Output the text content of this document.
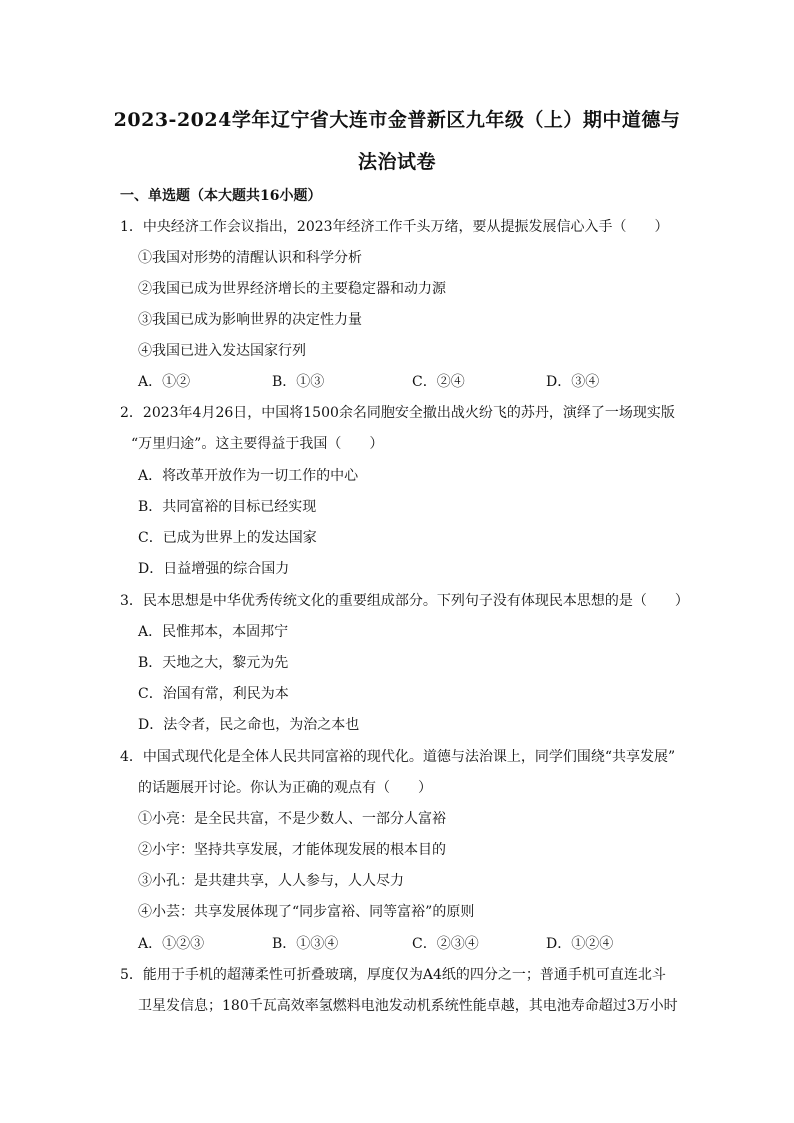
2023-2024学年辽宁省大连市金普新区九年级（上）期中道德与
法治试卷
一、单选题（本大题共16小题）
1．中央经济工作会议指出，2023年经济工作千头万绪，要从提振发展信心入手（　　）
①我国对形势的清醒认识和科学分析
②我国已成为世界经济增长的主要稳定器和动力源
③我国已成为影响世界的决定性力量
④我国已进入发达国家行列
A．①②	B．①③	C．②④	D．③④
2．2023年4月26日，中国将1500余名同胞安全撤出战火纷飞的苏丹，演绎了一场现实版
“万里归途”。这主要得益于我国（　　）
A．将改革开放作为一切工作的中心
B．共同富裕的目标已经实现
C．已成为世界上的发达国家
D．日益增强的综合国力
3．民本思想是中华优秀传统文化的重要组成部分。下列句子没有体现民本思想的是（　　）
A．民惟邦本，本固邦宁
B．天地之大，黎元为先
C．治国有常，利民为本
D．法令者，民之命也，为治之本也
4．中国式现代化是全体人民共同富裕的现代化。道德与法治课上，同学们围绕“共享发展”
的话题展开讨论。你认为正确的观点有（　　）
①小亮：是全民共富，不是少数人、一部分人富裕
②小宇：坚持共享发展，才能体现发展的根本目的
③小孔：是共建共享，人人参与，人人尽力
④小芸：共享发展体现了“同步富裕、同等富裕”的原则
A．①②③	B．①③④	C．②③④	D．①②④
5．能用于手机的超薄柔性可折叠玻璃，厚度仅为A4纸的四分之一；普通手机可直连北斗
卫星发信息；180千瓦高效率氢燃料电池发动机系统性能卓越，其电池寿命超过3万小时
